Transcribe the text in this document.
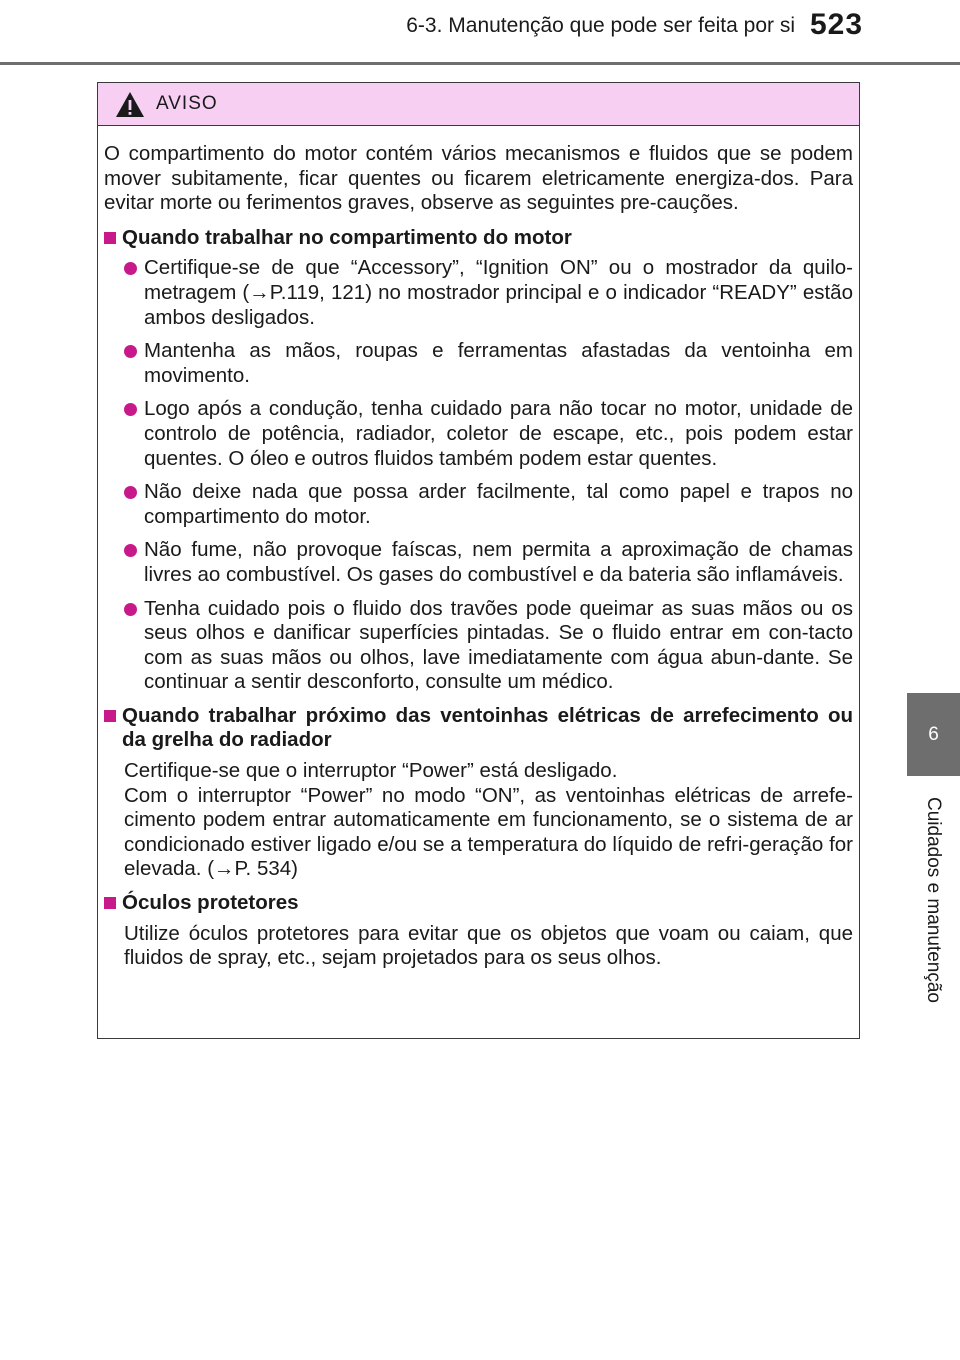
6-3. Manutenção que pode ser feita por si 523
6
Cuidados e manutenção
AVISO

O compartimento do motor contém vários mecanismos e fluidos que se podem mover subitamente, ficar quentes ou ficarem eletricamente energiza-dos. Para evitar morte ou ferimentos graves, observe as seguintes pre-cauções.

Quando trabalhar no compartimento do motor
Certifique-se de que “Accessory”, “Ignition ON” ou o mostrador da quilo-metragem (→P.119, 121) no mostrador principal e o indicador “READY” estão ambos desligados.
Mantenha as mãos, roupas e ferramentas afastadas da ventoinha em movimento.
Logo após a condução, tenha cuidado para não tocar no motor, unidade de controlo de potência, radiador, coletor de escape, etc., pois podem estar quentes. O óleo e outros fluidos também podem estar quentes.
Não deixe nada que possa arder facilmente, tal como papel e trapos no compartimento do motor.
Não fume, não provoque faíscas, nem permita a aproximação de chamas livres ao combustível. Os gases do combustível e da bateria são inflamáveis.
Tenha cuidado pois o fluido dos travões pode queimar as suas mãos ou os seus olhos e danificar superfícies pintadas. Se o fluido entrar em con-tacto com as suas mãos ou olhos, lave imediatamente com água abun-dante. Se continuar a sentir desconforto, consulte um médico.
Quando trabalhar próximo das ventoinhas elétricas de arrefecimento ou da grelha do radiador

Certifique-se que o interruptor “Power” está desligado.

Com o interruptor “Power” no modo “ON”, as ventoinhas elétricas de arrefe-cimento podem entrar automaticamente em funcionamento, se o sistema de ar condicionado estiver ligado e/ou se a temperatura do líquido de refri-geração for elevada. (→P. 534)

Óculos protetores

Utilize óculos protetores para evitar que os objetos que voam ou caiam, que fluidos de spray, etc., sejam projetados para os seus olhos.
